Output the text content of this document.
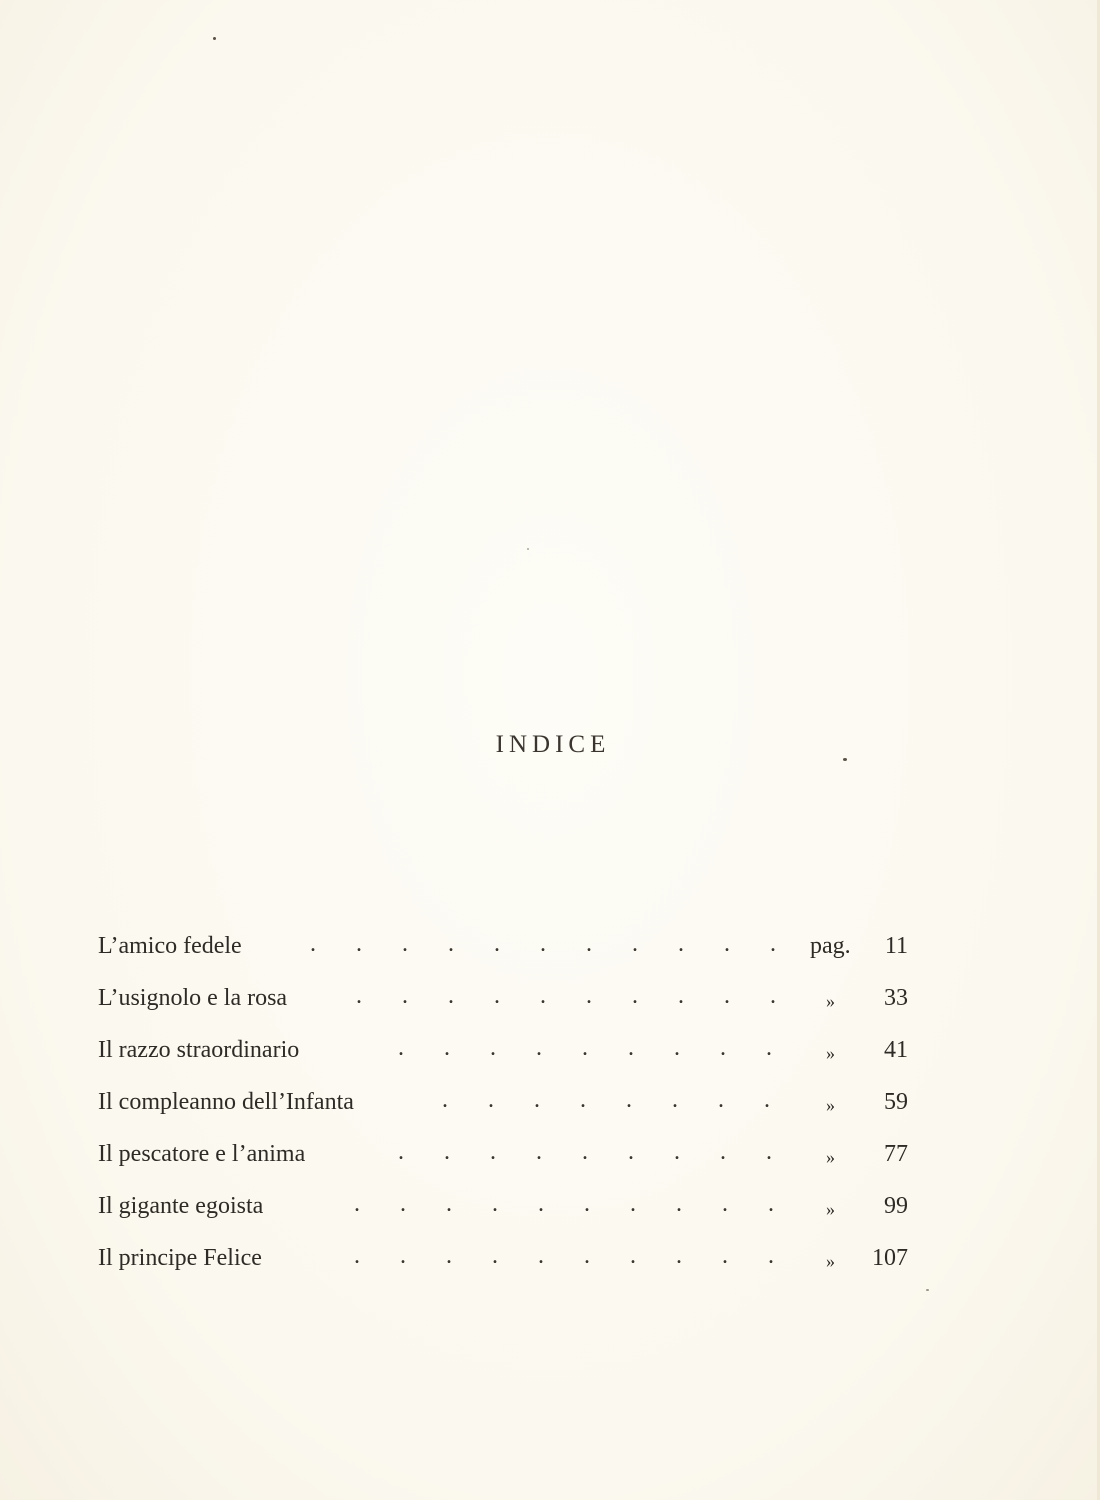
INDICE
L’amico fedele	. . . . . . . . . . . pag. 11
L’usignolo e la rosa	. . . . . . . . . . » 33
Il razzo straordinario	. . . . . . . . . » 41
Il compleanno dell’Infanta	. . . . . . . . » 59
Il pescatore e l’anima	. . . . . . . . . » 77
Il gigante egoista	. . . . . . . . . . » 99
Il principe Felice	. . . . . . . . . . » 107
